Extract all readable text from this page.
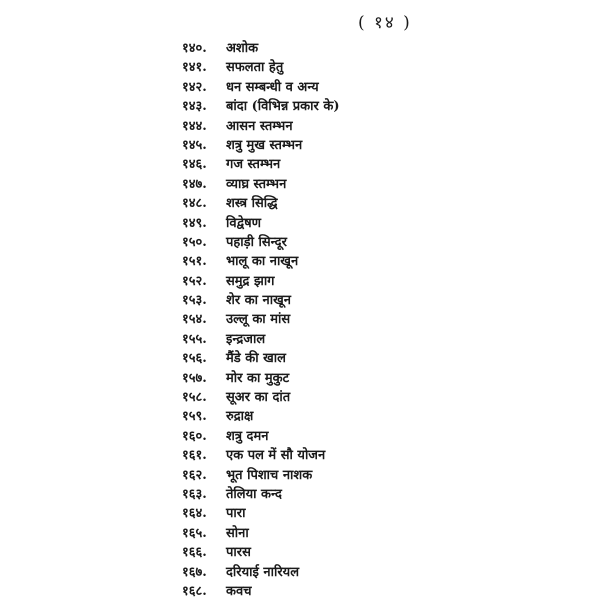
( १४ )
१४०.	अशोक
१४१.	सफलता हेतु
१४२.	धन सम्बन्धी व अन्य
१४३.	बांदा (विभिन्न प्रकार के)
१४४.	आसन स्तम्भन
१४५.	शत्रु मुख स्तम्भन
१४६.	गज स्तम्भन
१४७.	व्याघ्र स्तम्भन
१४८.	शस्त्र सिद्धि
१४९.	विद्वेषण
१५०.	पहाड़ी सिन्दूर
१५१.	भालू का नाखून
१५२.	समुद्र झाग
१५३.	शेर का नाखून
१५४.	उल्लू का मांस
१५५.	इन्द्रजाल
१५६.	मैंडे की खाल
१५७.	मोर का मुकुट
१५८.	सूअर का दांत
१५९.	रुद्राक्ष
१६०.	शत्रु दमन
१६१.	एक पल में सौ योजन
१६२.	भूत पिशाच नाशक
१६३.	तेलिया कन्द
१६४.	पारा
१६५.	सोना
१६६.	पारस
१६७.	दरियाई नारियल
१६८.	कवच
